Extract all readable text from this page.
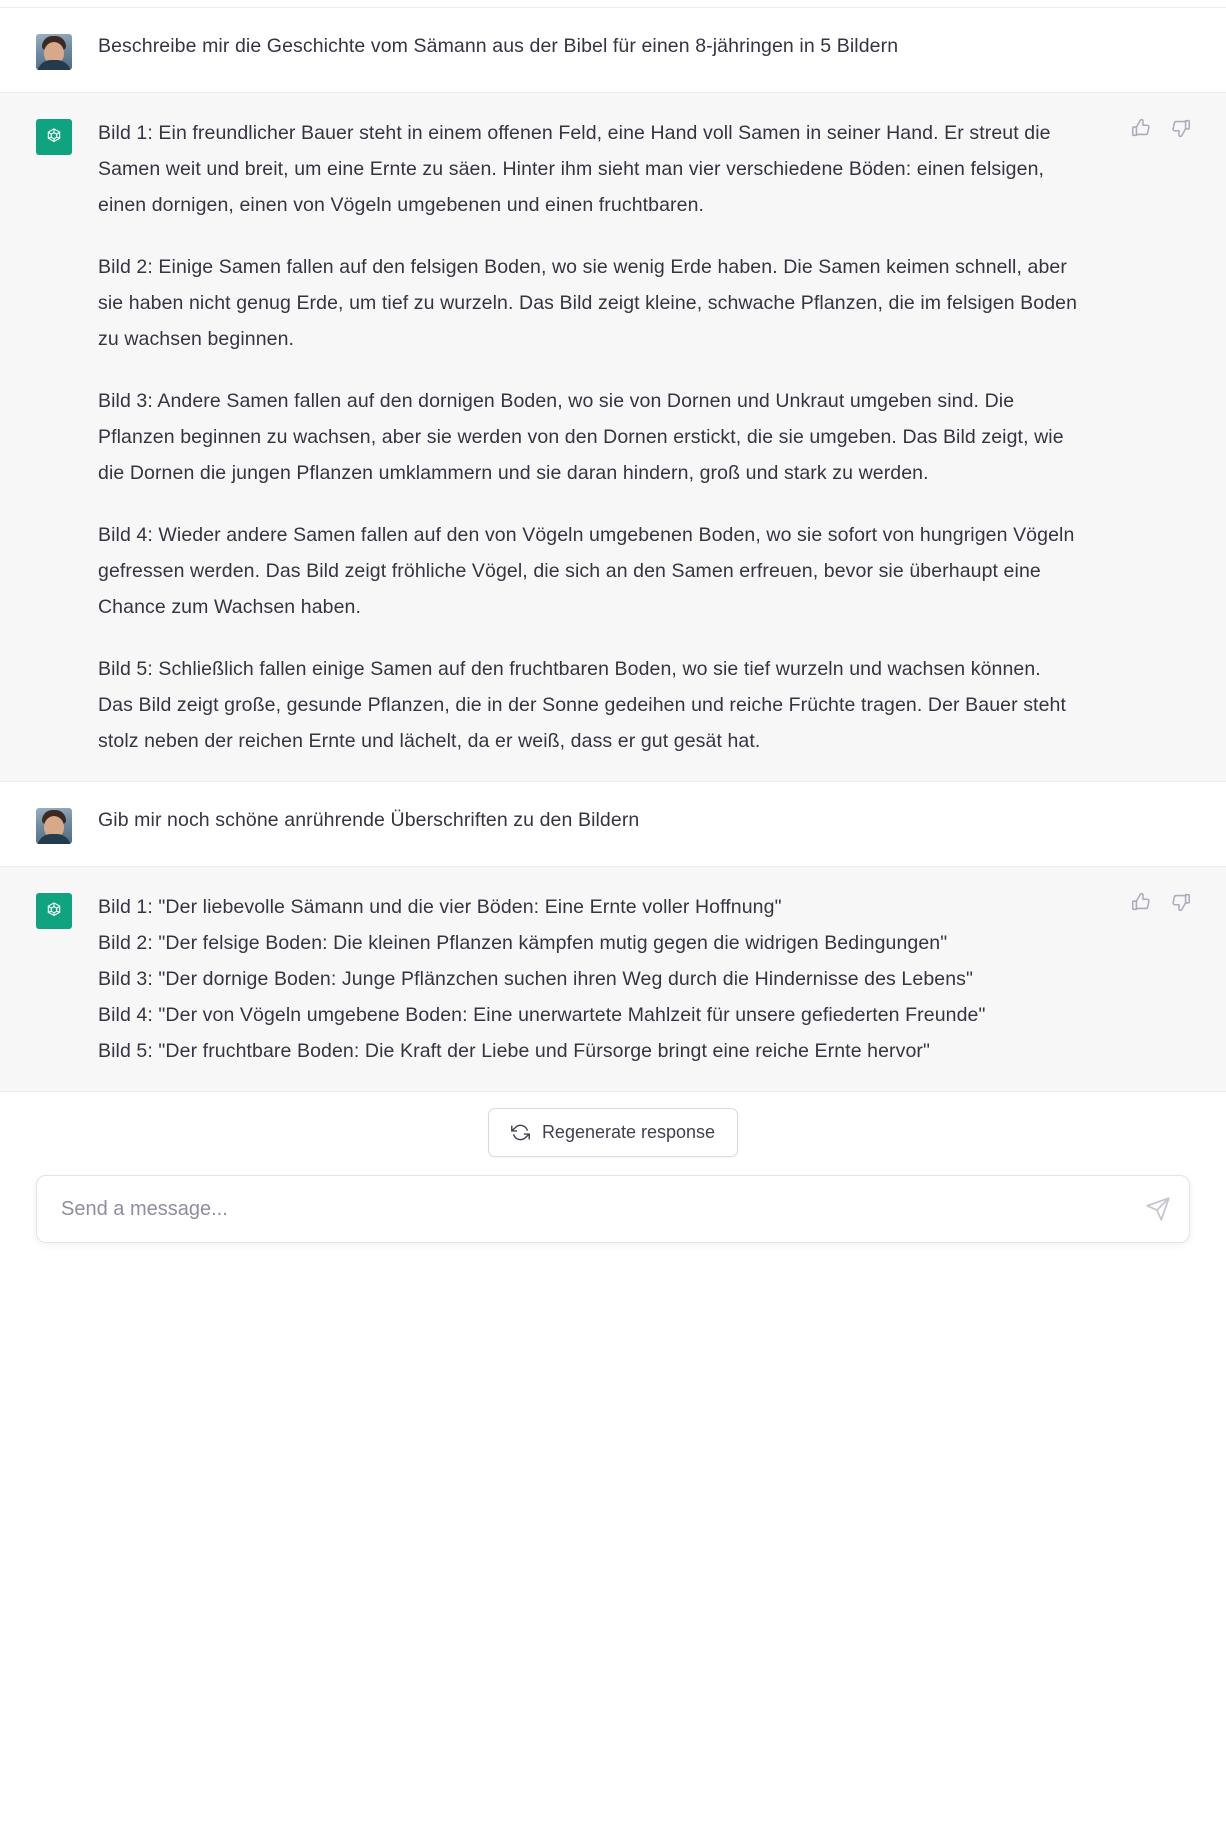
Beschreibe mir die Geschichte vom Sämann aus der Bibel für einen 8-jähringen in 5 Bildern

Bild 1: Ein freundlicher Bauer steht in einem offenen Feld, eine Hand voll Samen in seiner Hand. Er streut die Samen weit und breit, um eine Ernte zu säen. Hinter ihm sieht man vier verschiedene Böden: einen felsigen, einen dornigen, einen von Vögeln umgebenen und einen fruchtbaren.

Bild 2: Einige Samen fallen auf den felsigen Boden, wo sie wenig Erde haben. Die Samen keimen schnell, aber sie haben nicht genug Erde, um tief zu wurzeln. Das Bild zeigt kleine, schwache Pflanzen, die im felsigen Boden zu wachsen beginnen.

Bild 3: Andere Samen fallen auf den dornigen Boden, wo sie von Dornen und Unkraut umgeben sind. Die Pflanzen beginnen zu wachsen, aber sie werden von den Dornen erstickt, die sie umgeben. Das Bild zeigt, wie die Dornen die jungen Pflanzen umklammern und sie daran hindern, groß und stark zu werden.

Bild 4: Wieder andere Samen fallen auf den von Vögeln umgebenen Boden, wo sie sofort von hungrigen Vögeln gefressen werden. Das Bild zeigt fröhliche Vögel, die sich an den Samen erfreuen, bevor sie überhaupt eine Chance zum Wachsen haben.

Bild 5: Schließlich fallen einige Samen auf den fruchtbaren Boden, wo sie tief wurzeln und wachsen können. Das Bild zeigt große, gesunde Pflanzen, die in der Sonne gedeihen und reiche Früchte tragen. Der Bauer steht stolz neben der reichen Ernte und lächelt, da er weiß, dass er gut gesät hat.

Gib mir noch schöne anrührende Überschriften zu den Bildern

Bild 1: "Der liebevolle Sämann und die vier Böden: Eine Ernte voller Hoffnung"

Bild 2: "Der felsige Boden: Die kleinen Pflanzen kämpfen mutig gegen die widrigen Bedingungen"

Bild 3: "Der dornige Boden: Junge Pflänzchen suchen ihren Weg durch die Hindernisse des Lebens"

Bild 4: "Der von Vögeln umgebene Boden: Eine unerwartete Mahlzeit für unsere gefiederten Freunde"

Bild 5: "Der fruchtbare Boden: Die Kraft der Liebe und Fürsorge bringt eine reiche Ernte hervor"

Regenerate response
Send a message...
